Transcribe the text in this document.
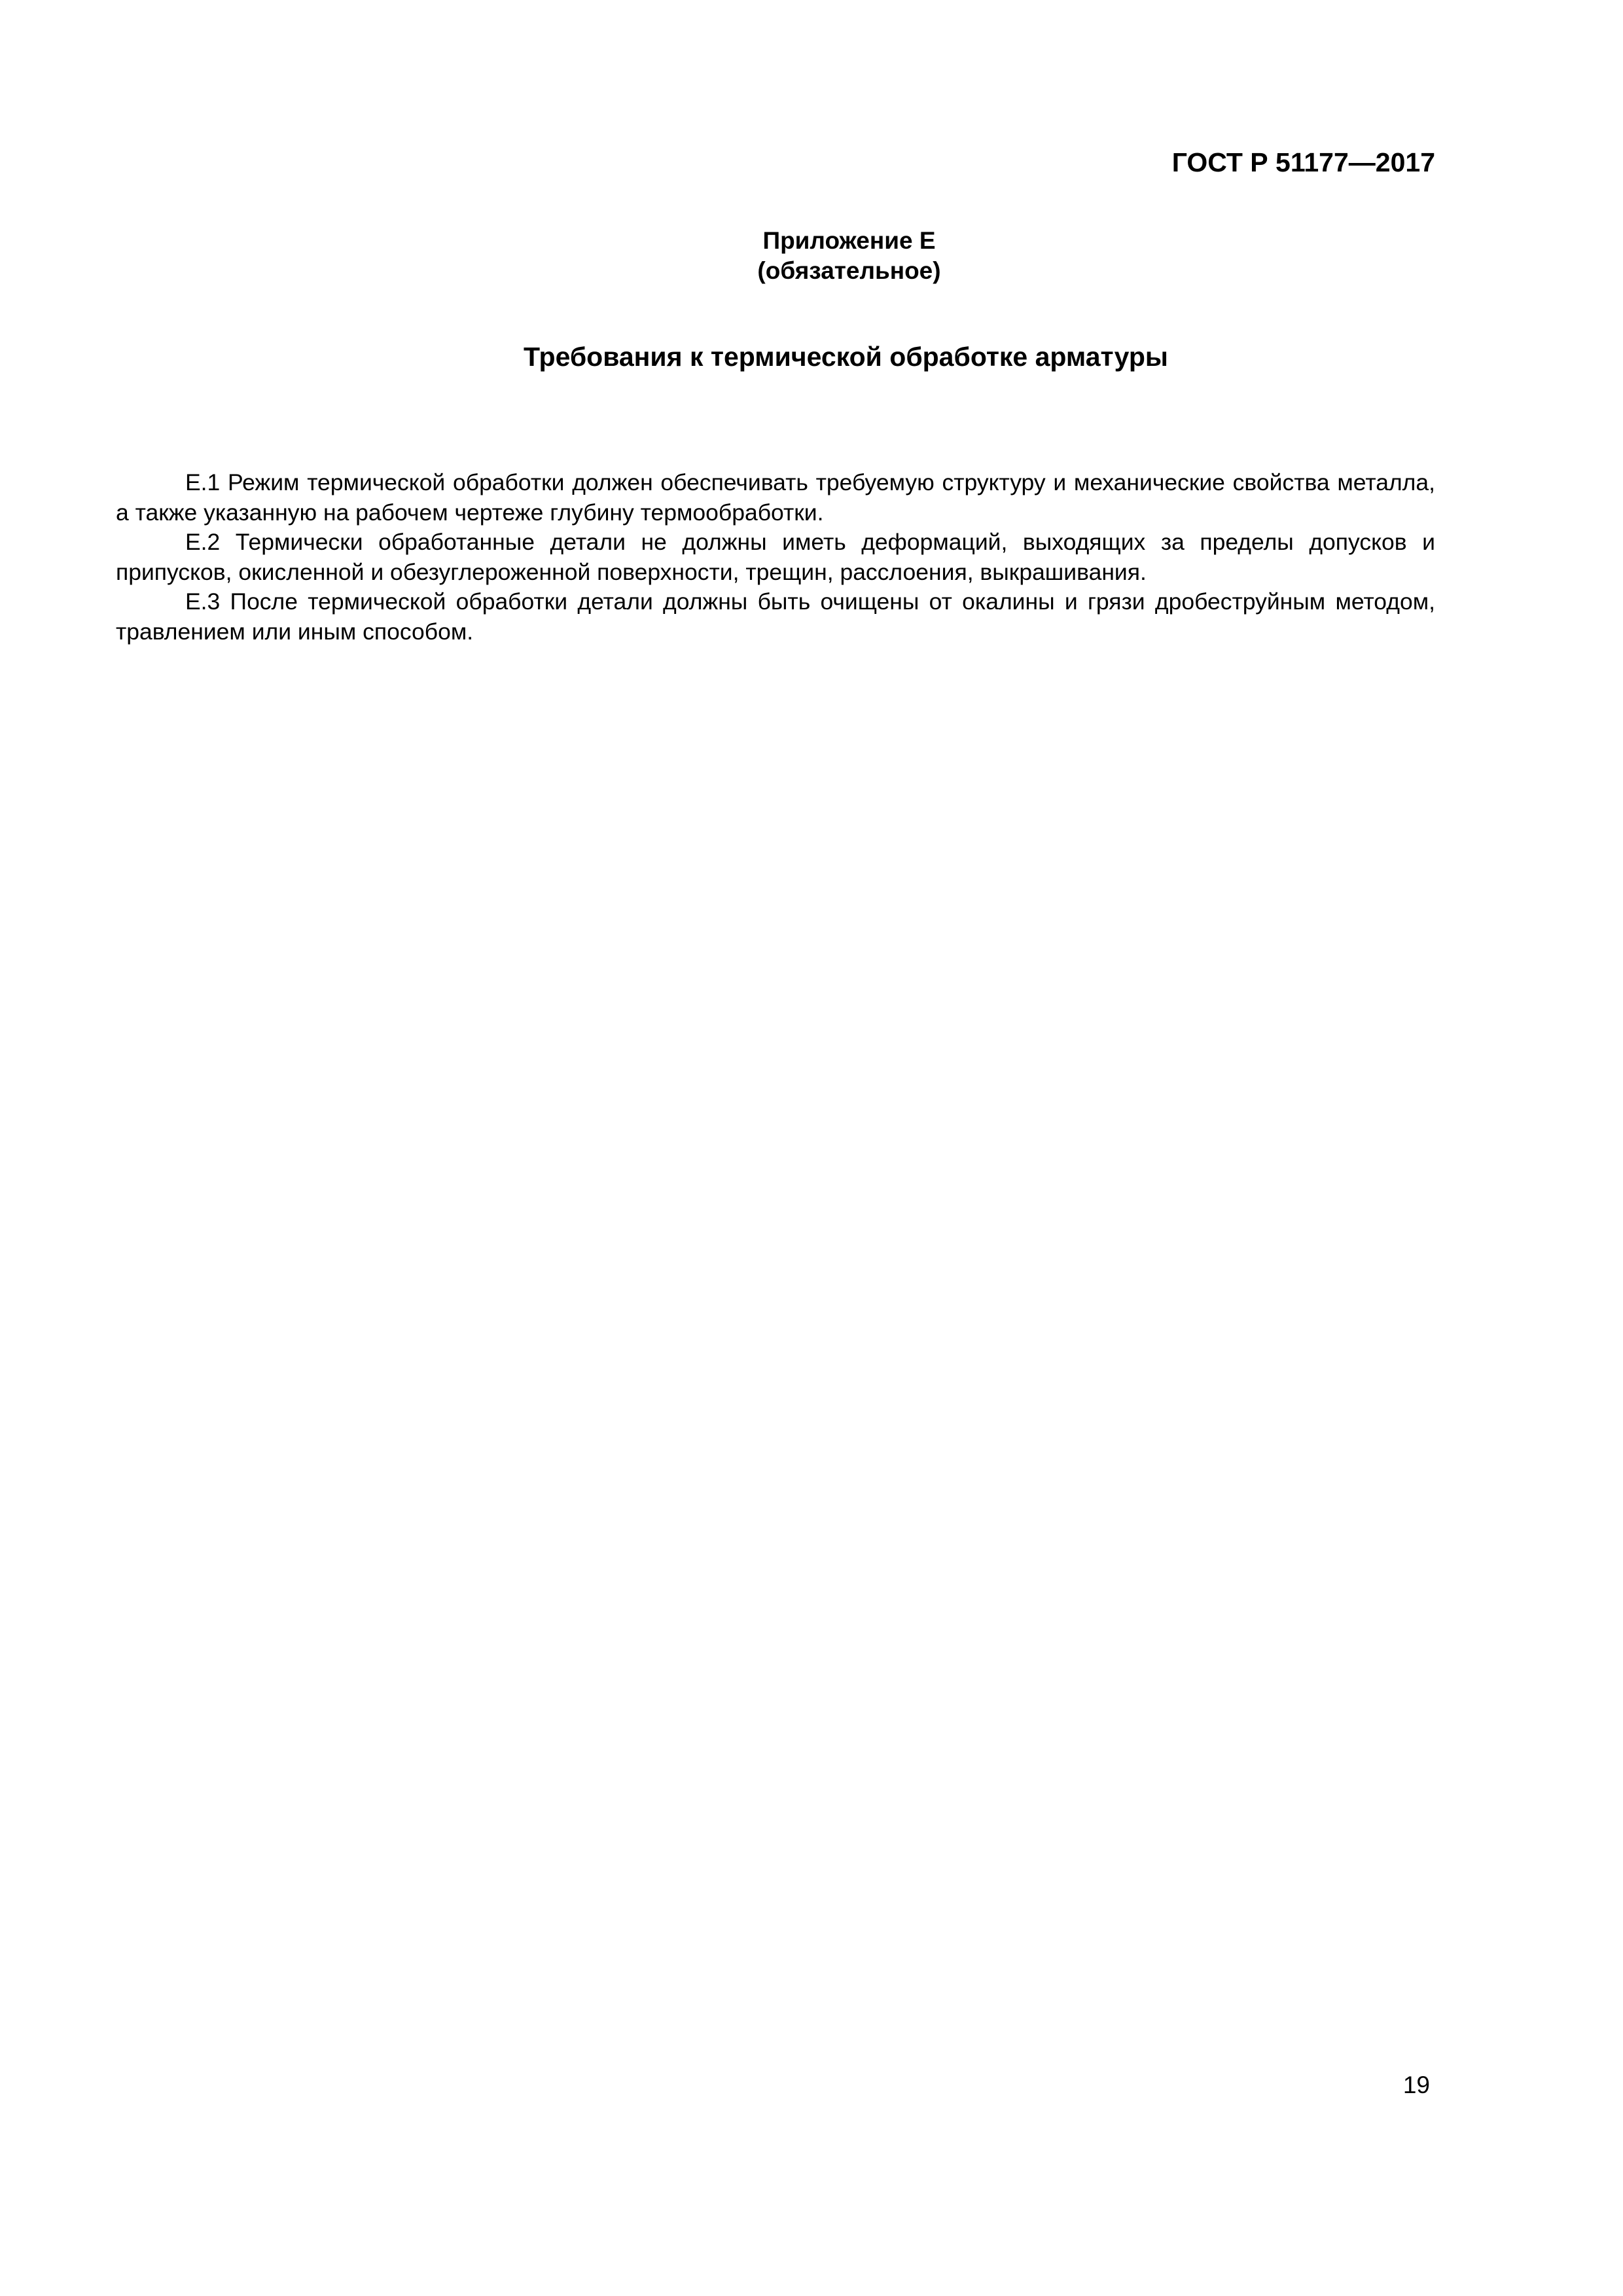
ГОСТ Р 51177—2017
Приложение Е
(обязательное)
Требования к термической обработке арматуры

Е.1 Режим термической обработки должен обеспечивать требуемую структуру и механические свойства металла, а также указанную на рабочем чертеже глубину термообработки.

Е.2 Термически обработанные детали не должны иметь деформаций, выходящих за пределы допусков и припусков, окисленной и обезуглероженной поверхности, трещин, расслоения, выкрашивания.

Е.3 После термической обработки детали должны быть очищены от окалины и грязи дробеструйным методом, травлением или иным способом.

19
